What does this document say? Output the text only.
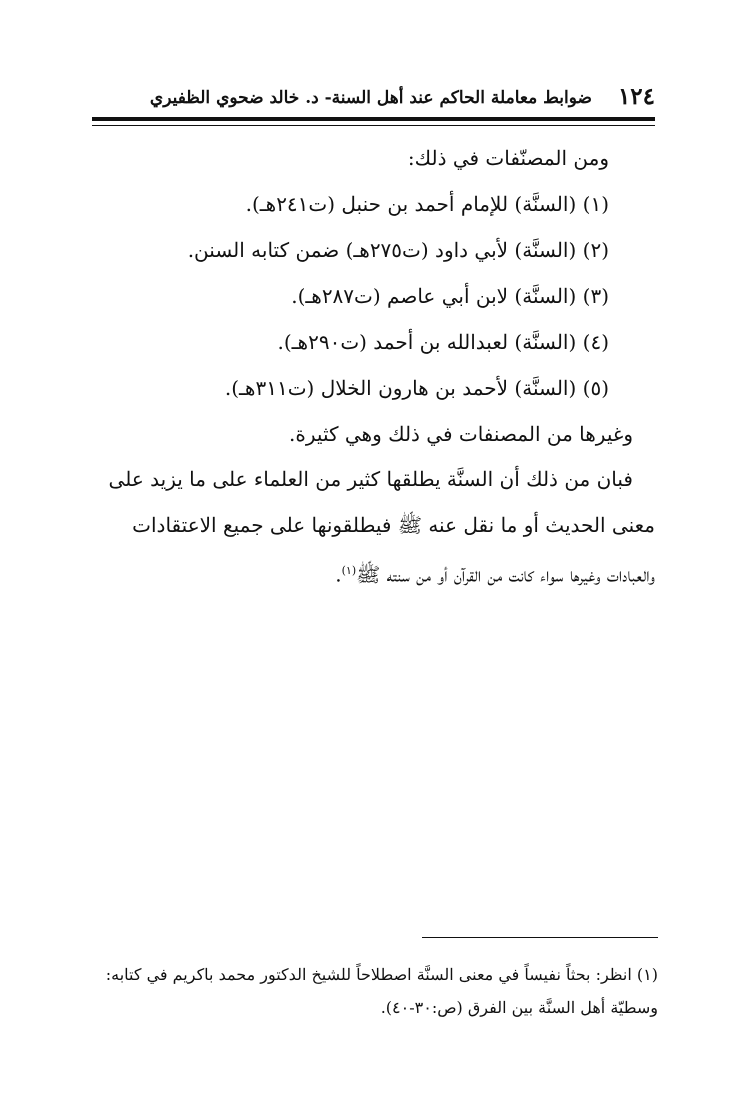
١٢٤
ضوابط معاملة الحاكم عند أهل السنة- د. خالد ضحوي الظفيري
ومن المصنّفات في ذلك:
(١) (السنَّة) للإمام أحمد بن حنبل (ت٢٤١هـ).
(٢) (السنَّة) لأبي داود (ت٢٧٥هـ) ضمن كتابه السنن.
(٣) (السنَّة) لابن أبي عاصم (ت٢٨٧هـ).
(٤) (السنَّة) لعبدالله بن أحمد (ت٢٩٠هـ).
(٥) (السنَّة) لأحمد بن هارون الخلال (ت٣١١هـ).
وغيرها من المصنفات في ذلك وهي كثيرة.
فبان من ذلك أن السنَّة يطلقها كثير من العلماء على ما يزيد على
معنى الحديث أو ما نقل عنه ﷺ فيطلقونها على جميع الاعتقادات
والعبادات وغيرها سواء كانت من القرآن أو من سنته ﷺ$^{(١)}$.
(١) انظر: بحثاً نفيساً في معنى السنَّة اصطلاحاً للشيخ الدكتور محمد باكريم في كتابه:
وسطيّة أهل السنَّة بين الفرق (ص:٣٠-٤٠).
